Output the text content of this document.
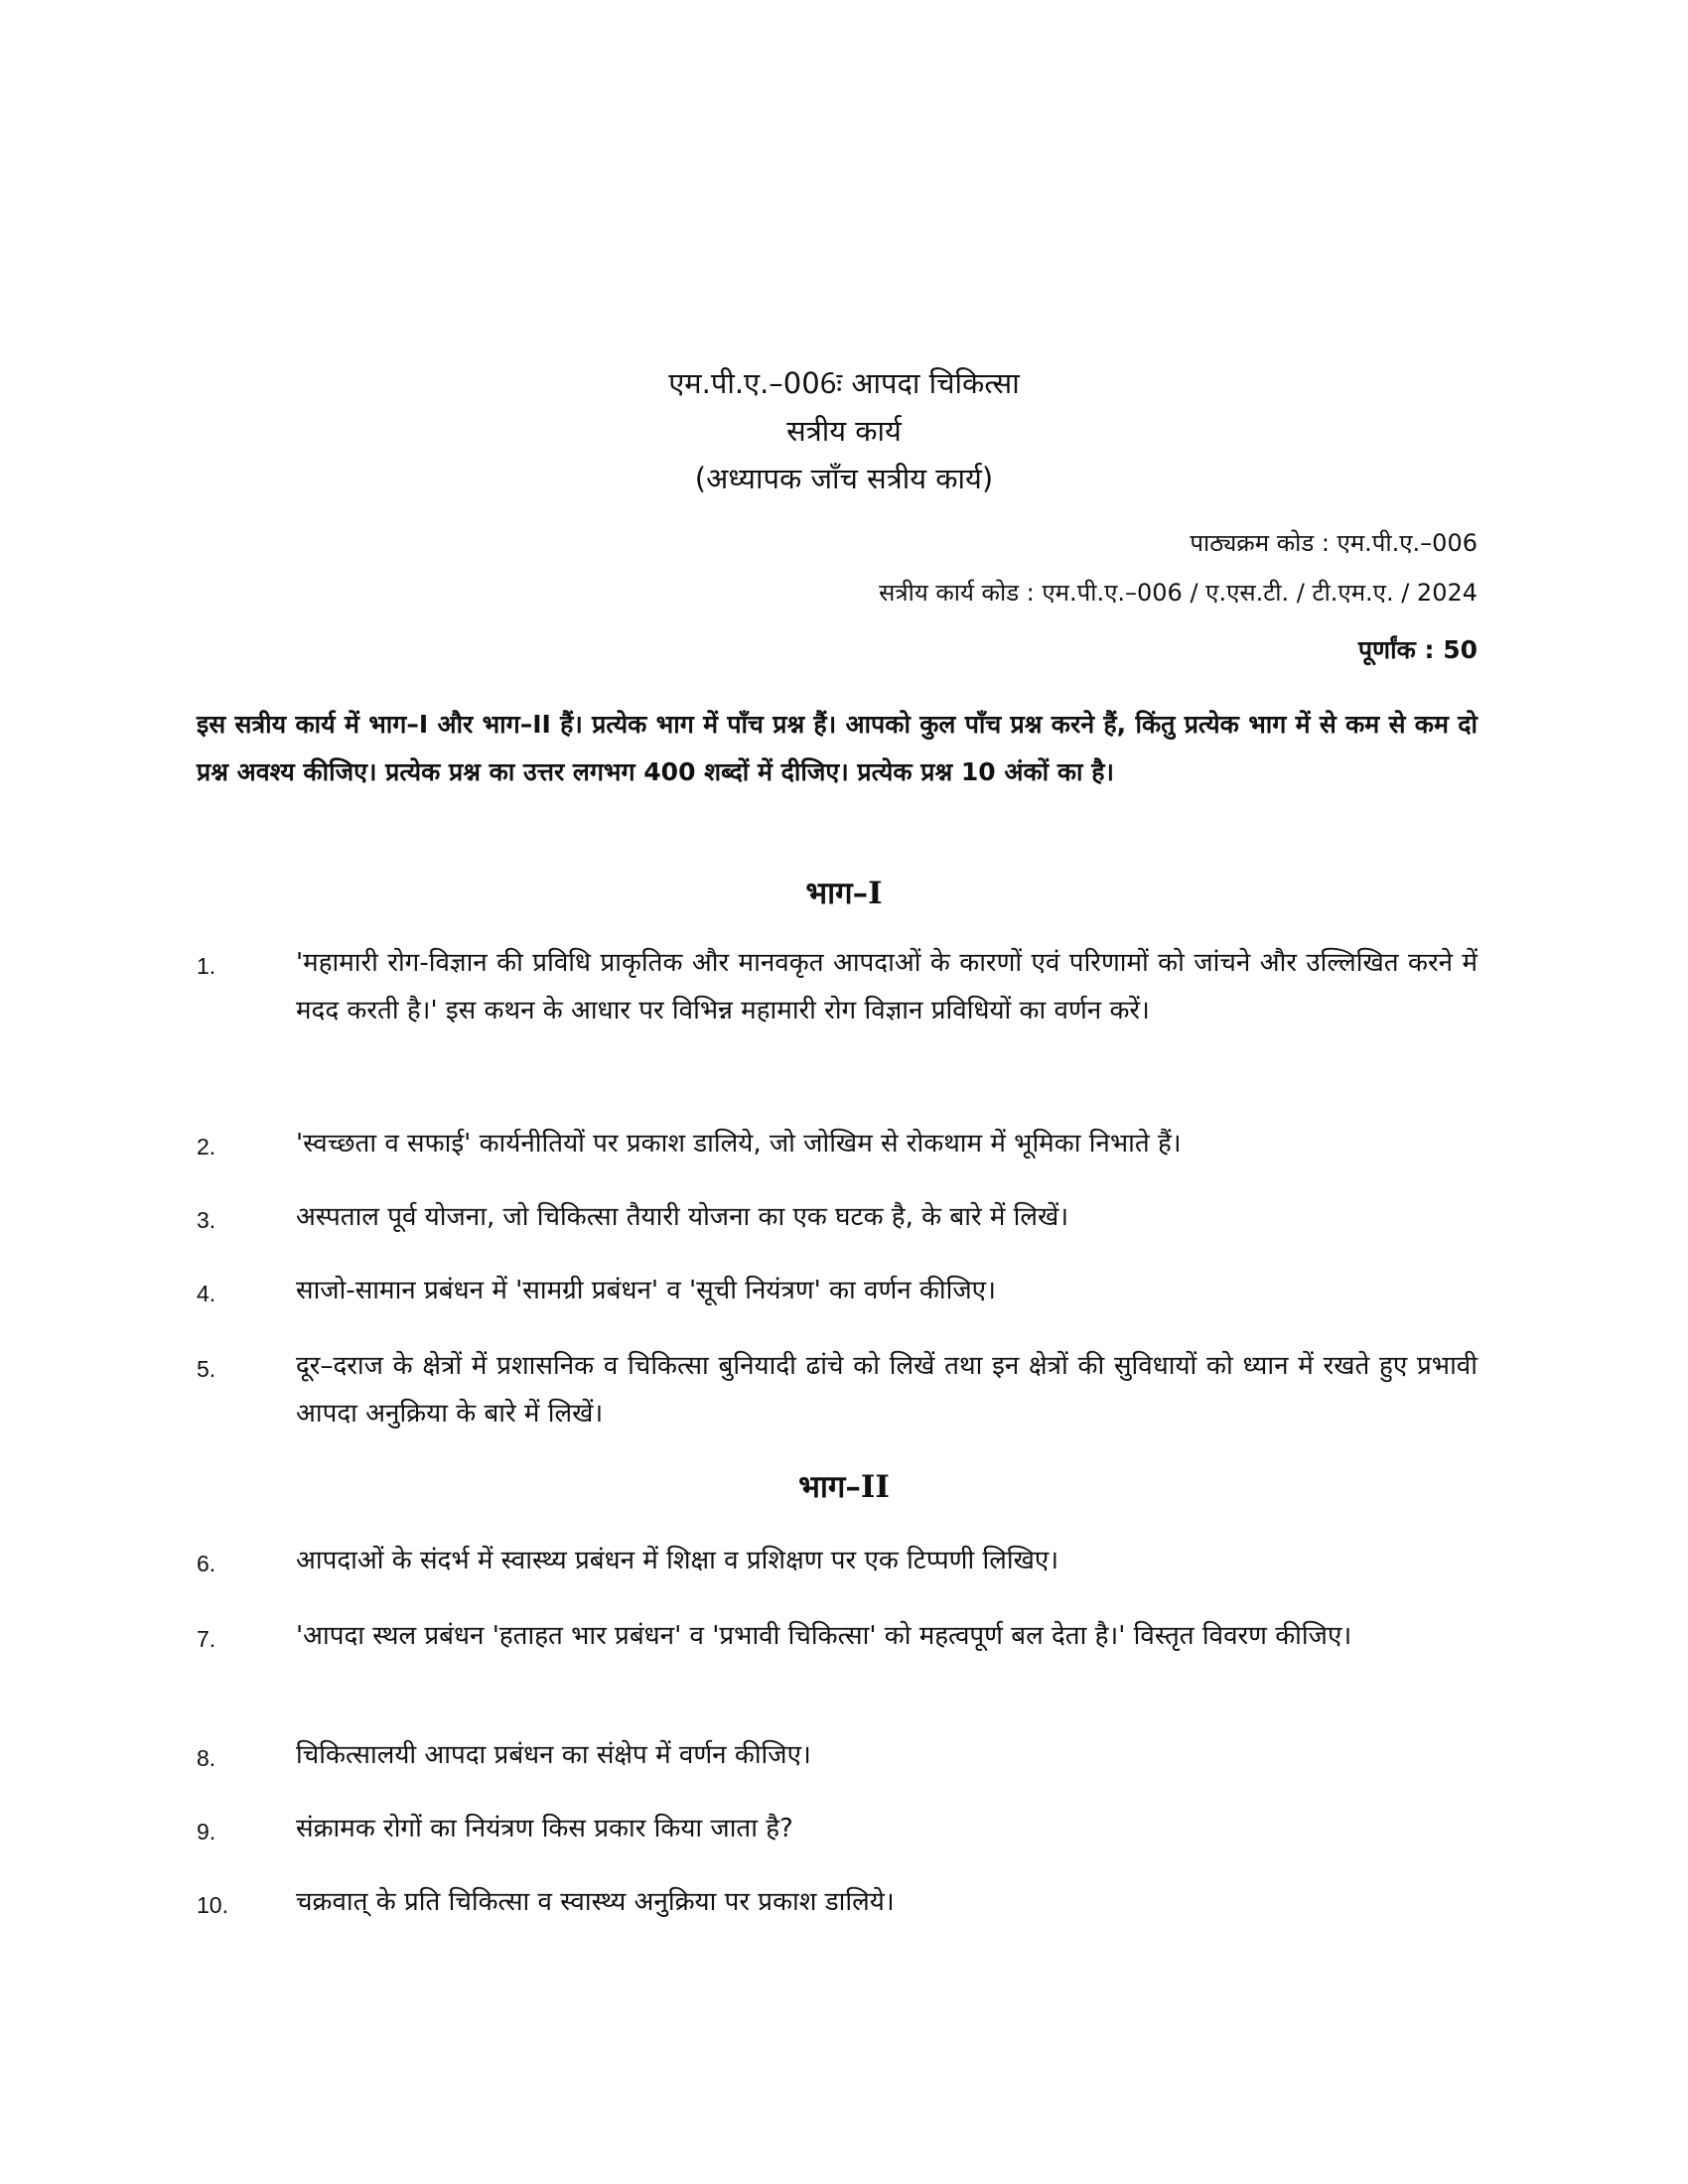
एम.पी.ए.–006ः आपदा चिकित्सा
सत्रीय कार्य
(अध्यापक जाँच सत्रीय कार्य)
पाठ्यक्रम कोड : एम.पी.ए.–006
सत्रीय कार्य कोड : एम.पी.ए.–006 / ए.एस.टी. / टी.एम.ए. / 2024
पूर्णांक : 50
इस सत्रीय कार्य में भाग–I और भाग–II हैं। प्रत्येक भाग में पाँच प्रश्न हैं। आपको कुल पाँच प्रश्न करने हैं, किंतु प्रत्येक भाग में से कम से कम दो प्रश्न अवश्य कीजिए। प्रत्येक प्रश्न का उत्तर लगभग 400 शब्दों में दीजिए। प्रत्येक प्रश्न 10 अंकों का है।
भाग–I
1.	'महामारी रोग-विज्ञान की प्रविधि प्राकृतिक और मानवकृत आपदाओं के कारणों एवं परिणामों को जांचने और उल्लिखित करने में मदद करती है।' इस कथन के आधार पर विभिन्न महामारी रोग विज्ञान प्रविधियों का वर्णन करें।
2.	'स्वच्छता व सफाई' कार्यनीतियों पर प्रकाश डालिये, जो जोखिम से रोकथाम में भूमिका निभाते हैं।
3.	अस्पताल पूर्व योजना, जो चिकित्सा तैयारी योजना का एक घटक है, के बारे में लिखें।
4.	साजो-सामान प्रबंधन में 'सामग्री प्रबंधन' व 'सूची नियंत्रण' का वर्णन कीजिए।
5.	दूर–दराज के क्षेत्रों में प्रशासनिक व चिकित्सा बुनियादी ढांचे को लिखें तथा इन क्षेत्रों की सुविधायों को ध्यान में रखते हुए प्रभावी आपदा अनुक्रिया के बारे में लिखें।
भाग–II
6.	आपदाओं के संदर्भ में स्वास्थ्य प्रबंधन में शिक्षा व प्रशिक्षण पर एक टिप्पणी लिखिए।
7.	'आपदा स्थल प्रबंधन 'हताहत भार प्रबंधन' व 'प्रभावी चिकित्सा' को महत्वपूर्ण बल देता है।' विस्तृत विवरण कीजिए।
8.	चिकित्सालयी आपदा प्रबंधन का संक्षेप में वर्णन कीजिए।
9.	संक्रामक रोगों का नियंत्रण किस प्रकार किया जाता है?
10.	चक्रवात् के प्रति चिकित्सा व स्वास्थ्य अनुक्रिया पर प्रकाश डालिये।
